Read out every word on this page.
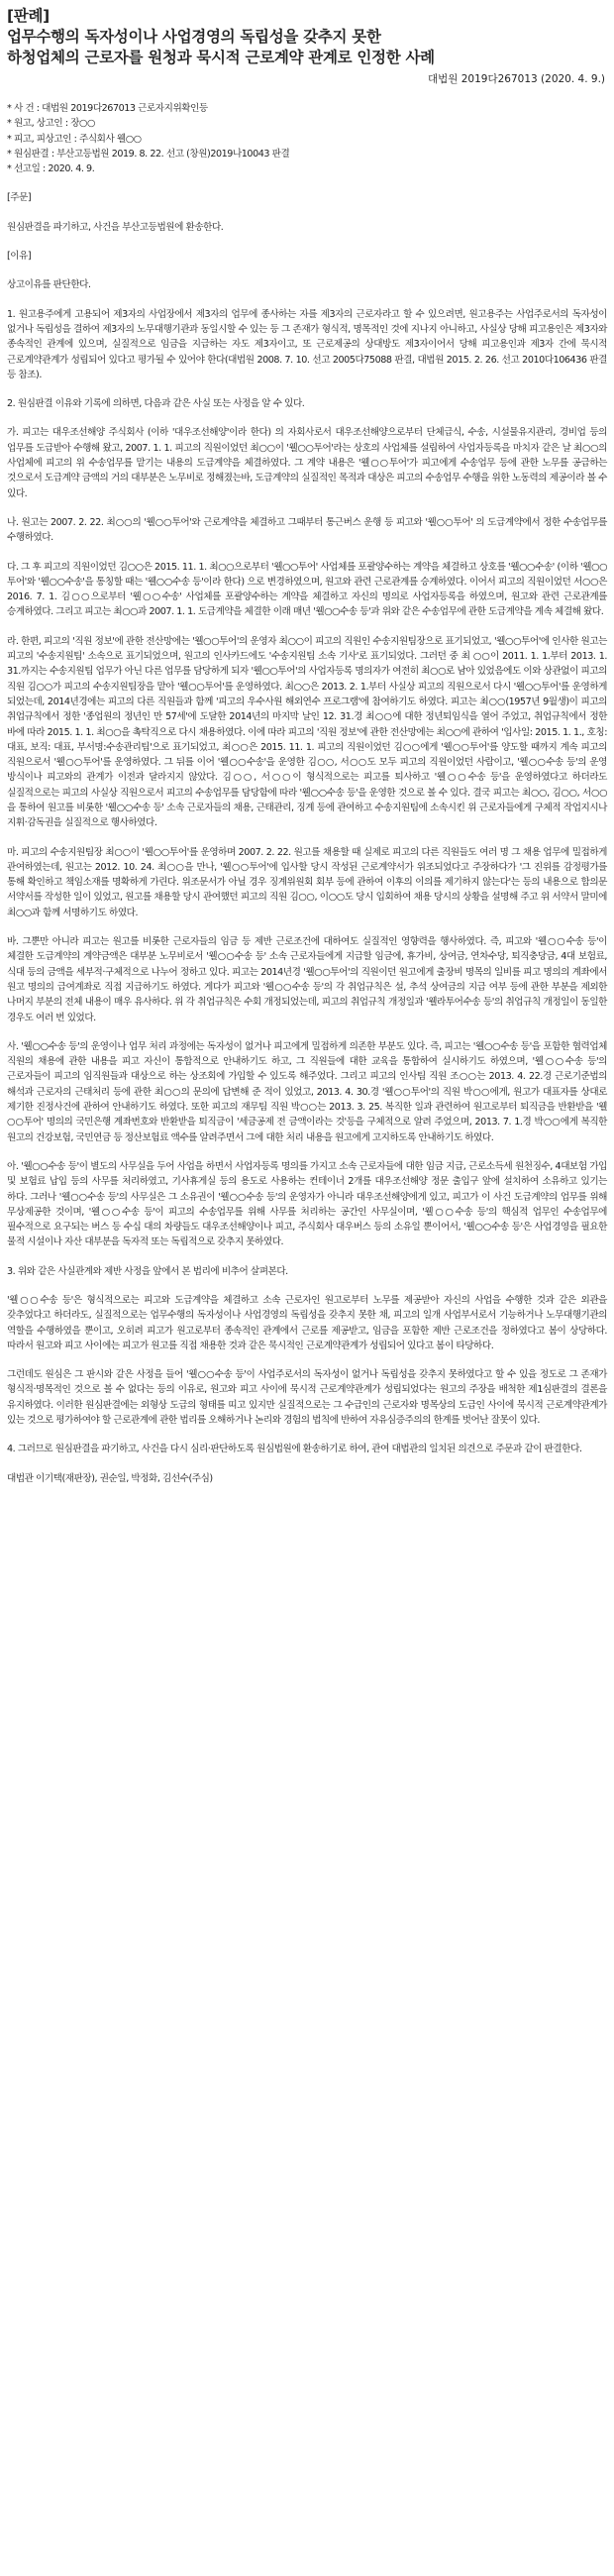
[판례]
업무수행의 독자성이나 사업경영의 독립성을 갖추지 못한
하청업체의 근로자를 원청과 묵시적 근로계약 관계로 인정한 사례
대법원 2019다267013 (2020. 4. 9.)

* 사 건 : 대법원 2019다267013 근로자지위확인등

* 원고, 상고인 : 장○○

* 피고, 피상고인 : 주식회사 웰○○

* 원심판결 : 부산고등법원 2019. 8. 22. 선고 (창원)2019나10043 판결

* 선고일 : 2020. 4. 9.

[주문]

원심판결을 파기하고, 사건을 부산고등법원에 환송한다.

[이유]

상고이유를 판단한다.

1. 원고용주에게 고용되어 제3자의 사업장에서 제3자의 업무에 종사하는 자를 제3자의 근로자라고 할 수 있으려면, 원고용주는 사업주로서의 독자성이 없거나 독립성을 결하여 제3자의 노무대행기관과 동일시할 수 있는 등 그 존재가 형식적, 명목적인 것에 지나지 아니하고, 사실상 당해 피고용인은 제3자와 종속적인 관계에 있으며, 실질적으로 임금을 지급하는 자도 제3자이고, 또 근로제공의 상대방도 제3자이어서 당해 피고용인과 제3자 간에 묵시적 근로계약관계가 성립되어 있다고 평가될 수 있어야 한다(대법원 2008. 7. 10. 선고 2005다75088 판결, 대법원 2015. 2. 26. 선고 2010다106436 판결 등 참조).

2. 원심판결 이유와 기록에 의하면, 다음과 같은 사실 또는 사정을 알 수 있다.

가. 피고는 대우조선해양 주식회사 (이하 '대우조선해양'이라 한다) 의 자회사로서 대우조선해양으로부터 단체급식, 수송, 시설물유지관리, 경비업 등의 업무를 도급받아 수행해 왔고, 2007. 1. 1. 피고의 직원이었던 최○○이 '웰○○투어'라는 상호의 사업체를 설립하여 사업자등록을 마치자 같은 날 최○○의 사업체에 피고의 위 수송업무를 맡기는 내용의 도급계약을 체결하였다. 그 계약 내용은 '웰○○투어'가 피고에게 수송업무 등에 관한 노무를 공급하는 것으로서 도급계약 금액의 거의 대부분은 노무비로 정해졌는바, 도급계약의 실질적인 목적과 대상은 피고의 수송업무 수행을 위한 노동력의 제공이라 볼 수 있다.

나. 원고는 2007. 2. 22. 최○○의 '웰○○투어'와 근로계약을 체결하고 그때부터 통근버스 운행 등 피고와 '웰○○투어' 의 도급계약에서 정한 수송업무를 수행하였다.

다. 그 후 피고의 직원이었던 김○○은 2015. 11. 1. 최○○으로부터 '웰○○투어' 사업체를 포괄양수하는 계약을 체결하고 상호를 '웰○○수송' (이하 '웰○○투어'와 '웰○○수송'을 통칭할 때는 '웰○○수송 등'이라 한다) 으로 변경하였으며, 원고와 관련 근로관계를 승계하였다. 이어서 피고의 직원이었던 서○○은 2016. 7. 1. 김○○으로부터 '웰○○수송' 사업체를 포괄양수하는 계약을 체결하고 자신의 명의로 사업자등록을 하였으며, 원고와 관련 근로관계를 승계하였다. 그리고 피고는 최○○과 2007. 1. 1. 도급계약을 체결한 이래 매년 '웰○○수송 등'과 위와 같은 수송업무에 관한 도급계약을 계속 체결해 왔다.

라. 한편, 피고의 '직원 정보'에 관한 전산망에는 '웰○○투어'의 운영자 최○○이 피고의 직원인 수송지원팀장으로 표기되었고, '웰○○투어'에 인사한 원고는 피고의 '수송지원팀' 소속으로 표기되었으며, 원고의 인사카드에도 '수송지원팀 소속 기사'로 표기되었다. 그러던 중 최 ○○이 2011. 1. 1.부터 2013. 1. 31.까지는 수송지원팀 업무가 아닌 다른 업무를 담당하게 되자 '웰○○투어'의 사업자등록 명의자가 여전히 최○○로 남아 있었음에도 이와 상관없이 피고의 직원 김○○가 피고의 수송지원팀장을 맡아 '웰○○투어'를 운영하였다. 최○○은 2013. 2. 1.부터 사실상 피고의 직원으로서 다시 '웰○○투어'를 운영하게 되었는데, 2014년경에는 피고의 다른 직원들과 함께 '피고의 우수사원 해외연수 프로그램'에 참여하기도 하였다. 피고는 최○○(1957년 9월생)이 피고의 취업규칙에서 정한 '종업원의 정년인 만 57세'에 도달한 2014년의 마지막 날인 12. 31.경 최○○에 대한 정년퇴임식을 열어 주었고, 취업규칙에서 정한 바에 따라 2015. 1. 1. 최○○을 촉탁직으로 다시 채용하였다. 이에 따라 피고의 '직원 정보'에 관한 전산망에는 최○○에 관하여 '입사일: 2015. 1. 1., 호칭: 대표, 보직: 대표, 부서명:수송관리팀'으로 표기되었고, 최○○은 2015. 11. 1. 피고의 직원이었던 김○○에게 '웰○○투어'를 양도할 때까지 계속 피고의 직원으로서 '웰○○투어'를 운영하였다. 그 뒤를 이어 '웰○○수송'을 운영한 김○○, 서○○도 모두 피고의 직원이었던 사람이고, '웰○○수송 등'의 운영 방식이나 피고와의 관계가 이전과 달라지지 않았다. 김○○, 서○○이 형식적으로는 피고를 퇴사하고 '웰○○수송 등'을 운영하였다고 하더라도 실질적으로는 피고의 사실상 직원으로서 피고의 수송업무를 담당함에 따라 '웰○○수송 등'을 운영한 것으로 볼 수 있다. 결국 피고는 최○○, 김○○, 서○○을 통하여 원고를 비롯한 '웰○○수송 등' 소속 근로자들의 채용, 근태관리, 징계 등에 관여하고 수송지원팀에 소속시킨 위 근로자들에게 구체적 작업지시나 지휘·감독권을 실질적으로 행사하였다.

마. 피고의 수송지원팀장 최○○이 '웰○○투어'를 운영하며 2007. 2. 22. 원고를 채용할 때 실제로 피고의 다른 직원들도 여러 명 그 채용 업무에 밀접하게 관여하였는데, 원고는 2012. 10. 24. 최○○을 만나, '웰○○투어'에 입사할 당시 작성된 근로계약서가 위조되었다고 주장하다가 '그 진위를 감정평가를 통해 확인하고 책임소재를 명확하게 가린다. 위조문서가 아닐 경우 징계위원회 회부 등에 관하여 이후의 이의를 제기하지 않는다'는 등의 내용으로 합의문 서약서를 작성한 일이 있었고, 원고를 채용할 당시 관여했던 피고의 직원 김○○, 이○○도 당시 입회하여 채용 당시의 상황을 설명해 주고 위 서약서 말미에 최○○과 함께 서명하기도 하였다.

바. 그뿐만 아니라 피고는 원고를 비롯한 근로자들의 임금 등 제반 근로조건에 대하여도 실질적인 영향력을 행사하였다. 즉, 피고와 '웰○○수송 등'이 체결한 도급계약의 계약금액은 대부분 노무비로서 '웰○○수송 등' 소속 근로자들에게 지급할 임금에, 휴가비, 상여금, 연차수당, 퇴직충당금, 4대 보험료, 식대 등의 금액을 세부적·구체적으로 나누어 정하고 있다. 피고는 2014년경 '웰○○투어'의 직원이던 원고에게 출장비 명목의 일비를 피고 명의의 계좌에서 원고 명의의 급여계좌로 직접 지급하기도 하였다. 게다가 피고와 '웰○○수송 등'의 각 취업규칙은 설, 추석 상여금의 지급 여부 등에 관한 부분을 제외한 나머지 부분의 전체 내용이 매우 유사하다. 위 각 취업규칙은 수회 개정되었는데, 피고의 취업규칙 개정일과 '웰라투어수송 등'의 취업규칙 개정일이 동일한 경우도 여러 번 있었다.

사. '웰○○수송 등'의 운영이나 업무 처리 과정에는 독자성이 없거나 피고에게 밀접하게 의존한 부분도 있다. 즉, 피고는 '웰○○수송 등'을 포함한 협력업체 직원의 채용에 관한 내용을 피고 자신이 통합적으로 안내하기도 하고, 그 직원들에 대한 교육을 통합하여 실시하기도 하였으며, '웰○○수송 등'의 근로자들이 피고의 임직원들과 대상으로 하는 상조회에 가입할 수 있도록 해주었다. 그리고 피고의 인사팀 직원 조○○는 2013. 4. 22.경 근로기준법의 해석과 근로자의 근태처리 등에 관한 최○○의 문의에 답변해 준 적이 있었고, 2013. 4. 30.경 '웰○○투어'의 직원 박○○에게, 원고가 대표자를 상대로 제기한 진정사건에 관하여 안내하기도 하였다. 또한 피고의 재무팀 직원 박○○는 2013. 3. 25. 복직한 일과 관련하여 원고로부터 퇴직금을 반환받을 '웰○○투어' 명의의 국민은행 계좌번호와 반환받을 퇴직금이 '세금공제 전 금액이라는 것'등을 구체적으로 알려 주었으며, 2013. 7. 1.경 박○○에게 복직한 원고의 건강보험, 국민연금 등 정산보험료 액수를 알려주면서 그에 대한 처리 내용을 원고에게 고지하도록 안내하기도 하였다.

아. '웰○○수송 등'이 별도의 사무실을 두어 사업을 하면서 사업자등록 명의를 가지고 소속 근로자들에 대한 임금 지급, 근로소득세 원천징수, 4대보험 가입 및 보험료 납입 등의 사무를 처리하였고, 기사휴게실 등의 용도로 사용하는 컨테이너 2개를 대우조선해양 정문 출입구 앞에 설치하여 소유하고 있기는 하다. 그러나 '웰○○수송 등'의 사무실은 그 소유권이 '웰○○수송 등'의 운영자가 아니라 대우조선해양에게 있고, 피고가 이 사건 도급계약의 업무를 위해 무상제공한 것이며, '웰○○수송 등'이 피고의 수송업무를 위해 사무를 처리하는 공간인 사무실이며, '웰○○수송 등'의 핵심적 업무인 수송업무에 필수적으로 요구되는 버스 등 수십 대의 차량들도 대우조선해양이나 피고, 주식회사 대우버스 등의 소유일 뿐이어서, '웰○○수송 등'은 사업경영을 필요한 물적 시설이나 자산 대부분을 독자적 또는 독립적으로 갖추지 못하였다.

3. 위와 같은 사실관계와 제반 사정을 앞에서 본 법리에 비추어 살펴본다.

'웰○○수송 등'은 형식적으로는 피고와 도급계약을 체결하고 소속 근로자인 원고로부터 노무를 제공받아 자신의 사업을 수행한 것과 같은 외관을 갖추었다고 하더라도, 실질적으로는 업무수행의 독자성이나 사업경영의 독립성을 갖추지 못한 채, 피고의 일개 사업부서로서 기능하거나 노무대행기관의 역할을 수행하였을 뿐이고, 오히려 피고가 원고로부터 종속적인 관계에서 근로를 제공받고, 임금을 포함한 제반 근로조건을 정하였다고 봄이 상당하다. 따라서 원고와 피고 사이에는 피고가 원고를 직접 채용한 것과 같은 묵시적인 근로계약관계가 성립되어 있다고 봄이 타당하다.

그런데도 원심은 그 판시와 같은 사정을 들어 '웰○○수송 등'이 사업주로서의 독자성이 없거나 독립성을 갖추지 못하였다고 할 수 있을 정도로 그 존재가 형식적·명목적인 것으로 볼 수 없다는 등의 이유로, 원고와 피고 사이에 묵시적 근로계약관계가 성립되었다는 원고의 주장을 배척한 제1심판결의 결론을 유지하였다. 이러한 원심판결에는 외형상 도급의 형태를 띠고 있지만 실질적으로는 그 수급인의 근로자와 명목상의 도급인 사이에 묵시적 근로계약관계가 있는 것으로 평가하여야 할 근로관계에 관한 법리를 오해하거나 논리와 경험의 법칙에 반하여 자유심증주의의 한계를 벗어난 잘못이 있다.

4. 그러므로 원심판결을 파기하고, 사건을 다시 심리·판단하도록 원심법원에 환송하기로 하여, 관여 대법관의 일치된 의견으로 주문과 같이 판결한다.

대법관 이기택(재판장), 권순일, 박정화, 김선수(주심)
